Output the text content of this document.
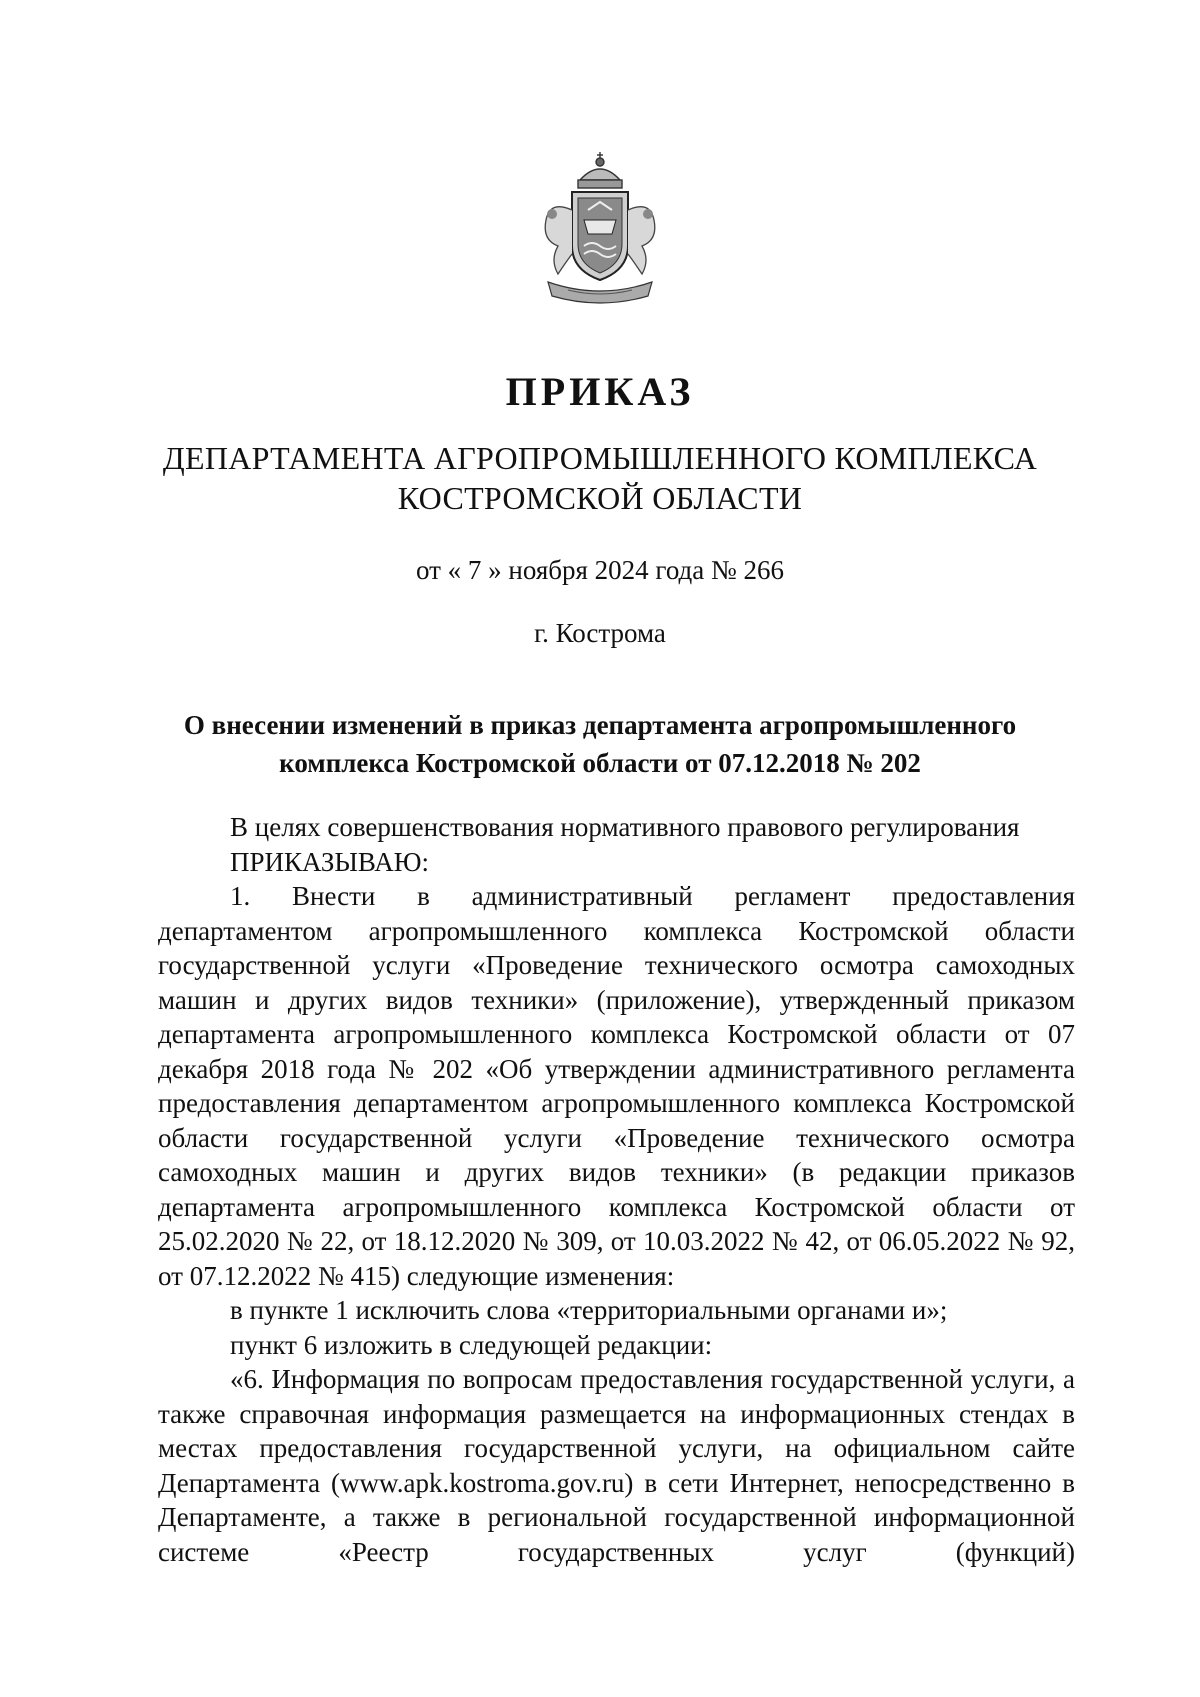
ПРИКАЗ
ДЕПАРТАМЕНТА АГРОПРОМЫШЛЕННОГО КОМПЛЕКСА
КОСТРОМСКОЙ ОБЛАСТИ
от « 7 » ноября 2024 года № 266
г. Кострома
О внесении изменений в приказ департамента агропромышленного
комплекса Костромской области от 07.12.2018 № 202

В целях совершенствования нормативного правового регулирования

ПРИКАЗЫВАЮ:

1. Внести в административный регламент предоставления департаментом агропромышленного комплекса Костромской области государственной услуги «Проведение технического осмотра самоходных машин и других видов техники» (приложение), утвержденный приказом департамента агропромышленного комплекса Костромской области от 07 декабря 2018 года № 202 «Об утверждении административного регламента предоставления департаментом агропромышленного комплекса Костромской области государственной услуги «Проведение технического осмотра самоходных машин и других видов техники» (в редакции приказов департамента агропромышленного комплекса Костромской области от 25.02.2020 № 22, от 18.12.2020 № 309, от 10.03.2022 № 42, от 06.05.2022 № 92, от 07.12.2022 № 415) следующие изменения:

в пункте 1 исключить слова «территориальными органами и»;

пункт 6 изложить в следующей редакции:

«6. Информация по вопросам предоставления государственной услуги, а также справочная информация размещается на информационных стендах в местах предоставления государственной услуги, на официальном сайте Департамента (www.apk.kostroma.gov.ru) в сети Интернет, непосредственно в Департаменте, а также в региональной государственной информационной системе «Реестр государственных услуг (функций)
